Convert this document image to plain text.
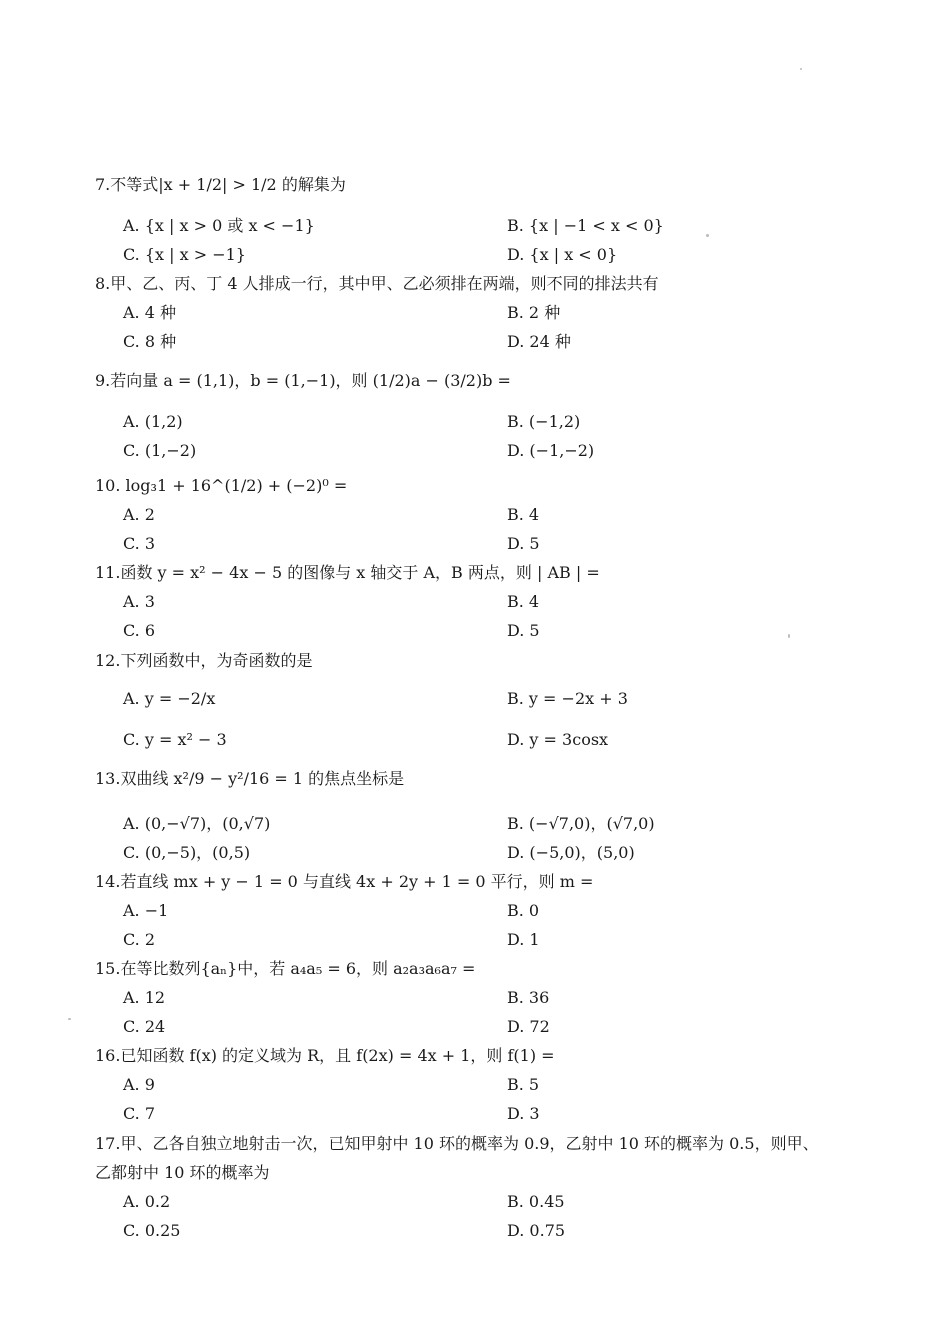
7.不等式|x + 1/2| > 1/2 的解集为
A. {x | x > 0 或 x < −1}	B. {x | −1 < x < 0}
C. {x | x > −1}	D. {x | x < 0}
8.甲、乙、丙、丁 4 人排成一行，其中甲、乙必须排在两端，则不同的排法共有
A. 4 种	B. 2 种
C. 8 种	D. 24 种
9.若向量 a = (1,1)，b = (1,−1)，则 (1/2)a − (3/2)b =
A. (1,2)	B. (−1,2)
C. (1,−2)	D. (−1,−2)
10. log₃1 + 16^(1/2) + (−2)⁰ =
A. 2	B. 4
C. 3	D. 5
11.函数 y = x² − 4x − 5 的图像与 x 轴交于 A，B 两点，则 | AB | =
A. 3	B. 4
C. 6	D. 5
12.下列函数中，为奇函数的是
A. y = −2/x	B. y = −2x + 3
C. y = x² − 3	D. y = 3cosx
13.双曲线 x²/9 − y²/16 = 1 的焦点坐标是
A. (0,−√7)，(0,√7)	B. (−√7,0)，(√7,0)
C. (0,−5)，(0,5)	D. (−5,0)，(5,0)
14.若直线 mx + y − 1 = 0 与直线 4x + 2y + 1 = 0 平行，则 m =
A. −1	B. 0
C. 2	D. 1
15.在等比数列{aₙ}中，若 a₄a₅ = 6，则 a₂a₃a₆a₇ =
A. 12	B. 36
C. 24	D. 72
16.已知函数 f(x) 的定义域为 R，且 f(2x) = 4x + 1，则 f(1) =
A. 9	B. 5
C. 7	D. 3
17.甲、乙各自独立地射击一次，已知甲射中 10 环的概率为 0.9，乙射中 10 环的概率为 0.5，则甲、
乙都射中 10 环的概率为
A. 0.2	B. 0.45
C. 0.25	D. 0.75
